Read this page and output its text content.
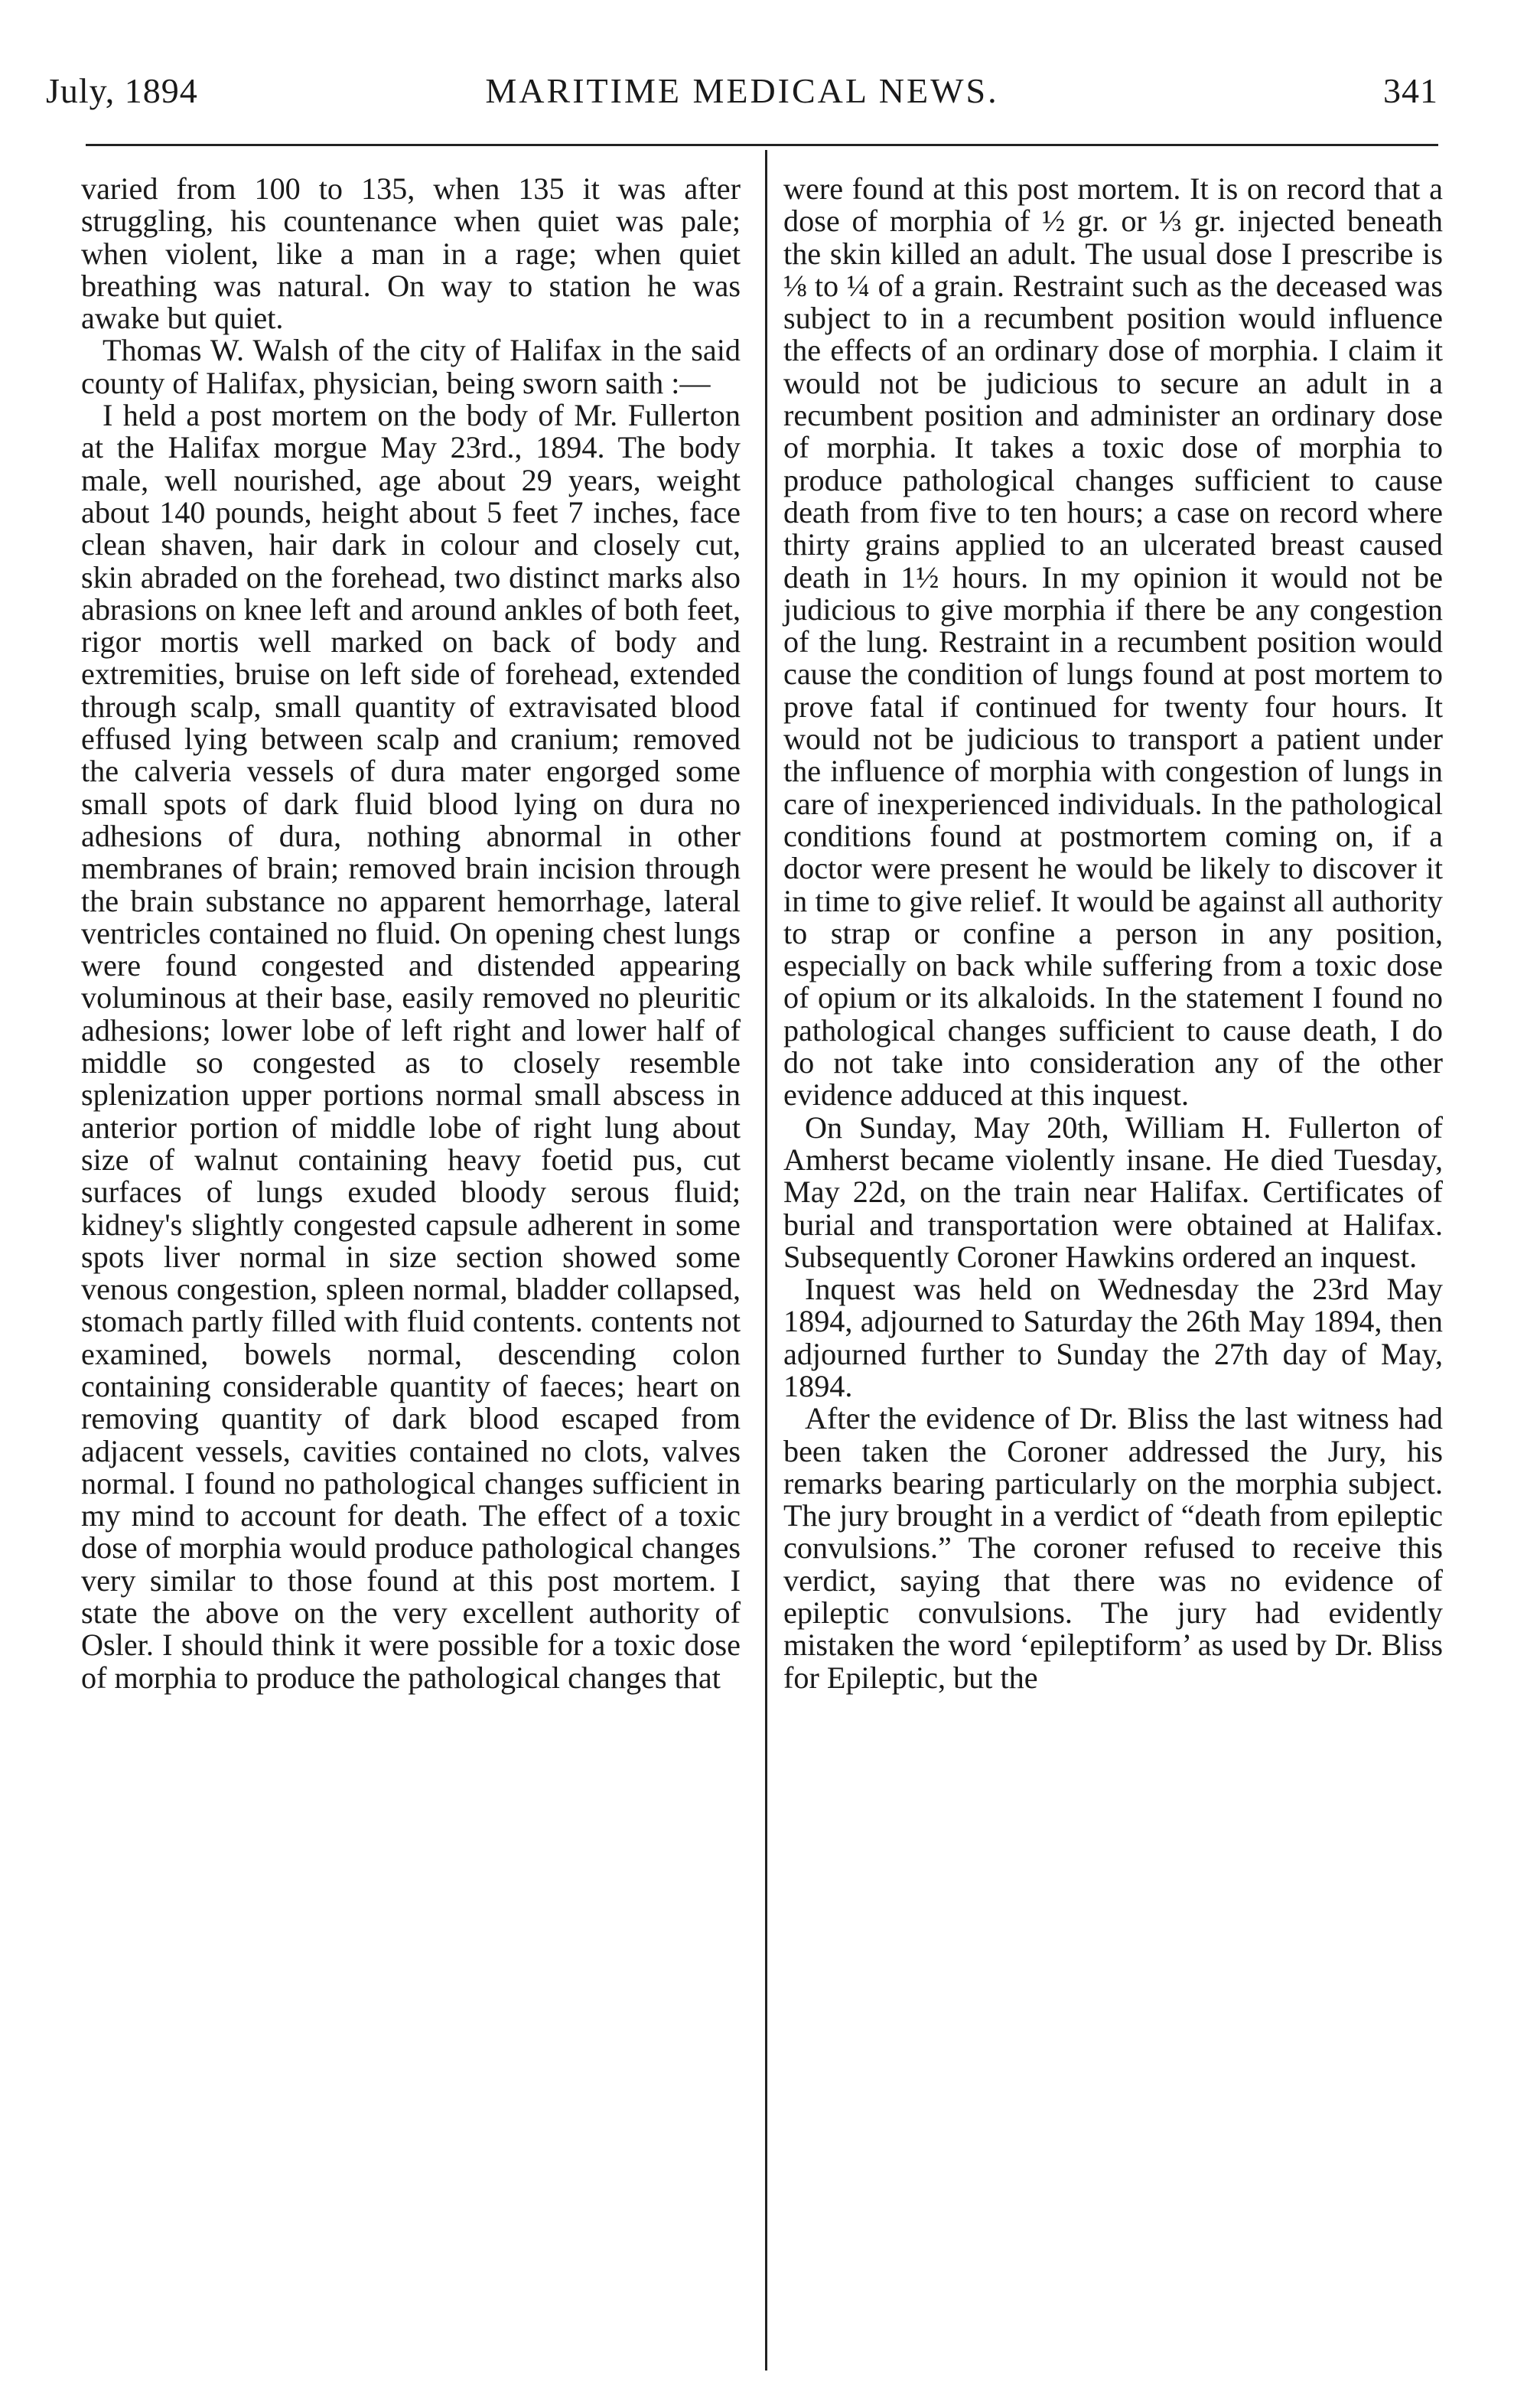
July, 1894	MARITIME MEDICAL NEWS.	341

varied from 100 to 135, when 135 it was after struggling, his countenance when quiet was pale; when violent, like a man in a rage; when quiet breathing was natural. On way to station he was awake but quiet.

Thomas W. Walsh of the city of Halifax in the said county of Halifax, physician, being sworn saith :—

I held a post mortem on the body of Mr. Fullerton at the Halifax morgue May 23rd., 1894. The body male, well nourished, age about 29 years, weight about 140 pounds, height about 5 feet 7 inches, face clean shaven, hair dark in colour and closely cut, skin abraded on the forehead, two distinct marks also abrasions on knee left and around ankles of both feet, rigor mortis well marked on back of body and extremities, bruise on left side of forehead, extended through scalp, small quantity of extravisated blood effused lying between scalp and cranium; removed the calveria vessels of dura mater engorged some small spots of dark fluid blood lying on dura no adhesions of dura, nothing abnormal in other membranes of brain; removed brain incision through the brain substance no apparent hemorrhage, lateral ventricles contained no fluid. On opening chest lungs were found congested and distended appearing voluminous at their base, easily removed no pleuritic adhesions; lower lobe of left right and lower half of middle so congested as to closely resemble splenization upper portions normal small abscess in anterior portion of middle lobe of right lung about size of walnut containing heavy foetid pus, cut surfaces of lungs exuded bloody serous fluid; kidney's slightly congested capsule adherent in some spots liver normal in size section showed some venous congestion, spleen normal, bladder collapsed, stomach partly filled with fluid contents. contents not examined, bowels normal, descending colon containing considerable quantity of faeces; heart on removing quantity of dark blood escaped from adjacent vessels, cavities contained no clots, valves normal. I found no pathological changes sufficient in my mind to account for death. The effect of a toxic dose of morphia would produce pathological changes very similar to those found at this post mortem. I state the above on the very excellent authority of Osler. I should think it were possible for a toxic dose of morphia to produce the pathological changes that

were found at this post mortem. It is on record that a dose of morphia of ½ gr. or ⅓ gr. injected beneath the skin killed an adult. The usual dose I prescribe is ⅛ to ¼ of a grain. Restraint such as the deceased was subject to in a recumbent position would influence the effects of an ordinary dose of morphia. I claim it would not be judicious to secure an adult in a recumbent position and administer an ordinary dose of morphia. It takes a toxic dose of morphia to produce pathological changes sufficient to cause death from five to ten hours; a case on record where thirty grains applied to an ulcerated breast caused death in 1½ hours. In my opinion it would not be judicious to give morphia if there be any congestion of the lung. Restraint in a recumbent position would cause the condition of lungs found at post mortem to prove fatal if continued for twenty four hours. It would not be judicious to transport a patient under the influence of morphia with congestion of lungs in care of inexperienced individuals. In the pathological conditions found at postmortem coming on, if a doctor were present he would be likely to discover it in time to give relief. It would be against all authority to strap or confine a person in any position, especially on back while suffering from a toxic dose of opium or its alkaloids. In the statement I found no pathological changes sufficient to cause death, I do do not take into consideration any of the other evidence adduced at this inquest.

On Sunday, May 20th, William H. Fullerton of Amherst became violently insane. He died Tuesday, May 22d, on the train near Halifax. Certificates of burial and transportation were obtained at Halifax. Subsequently Coroner Hawkins ordered an inquest.

Inquest was held on Wednesday the 23rd May 1894, adjourned to Saturday the 26th May 1894, then adjourned further to Sunday the 27th day of May, 1894.

After the evidence of Dr. Bliss the last witness had been taken the Coroner addressed the Jury, his remarks bearing particularly on the morphia subject. The jury brought in a verdict of “death from epileptic convulsions.” The coroner refused to receive this verdict, saying that there was no evidence of epileptic convulsions. The jury had evidently mistaken the word ‘epileptiform’ as used by Dr. Bliss for Epileptic, but the
